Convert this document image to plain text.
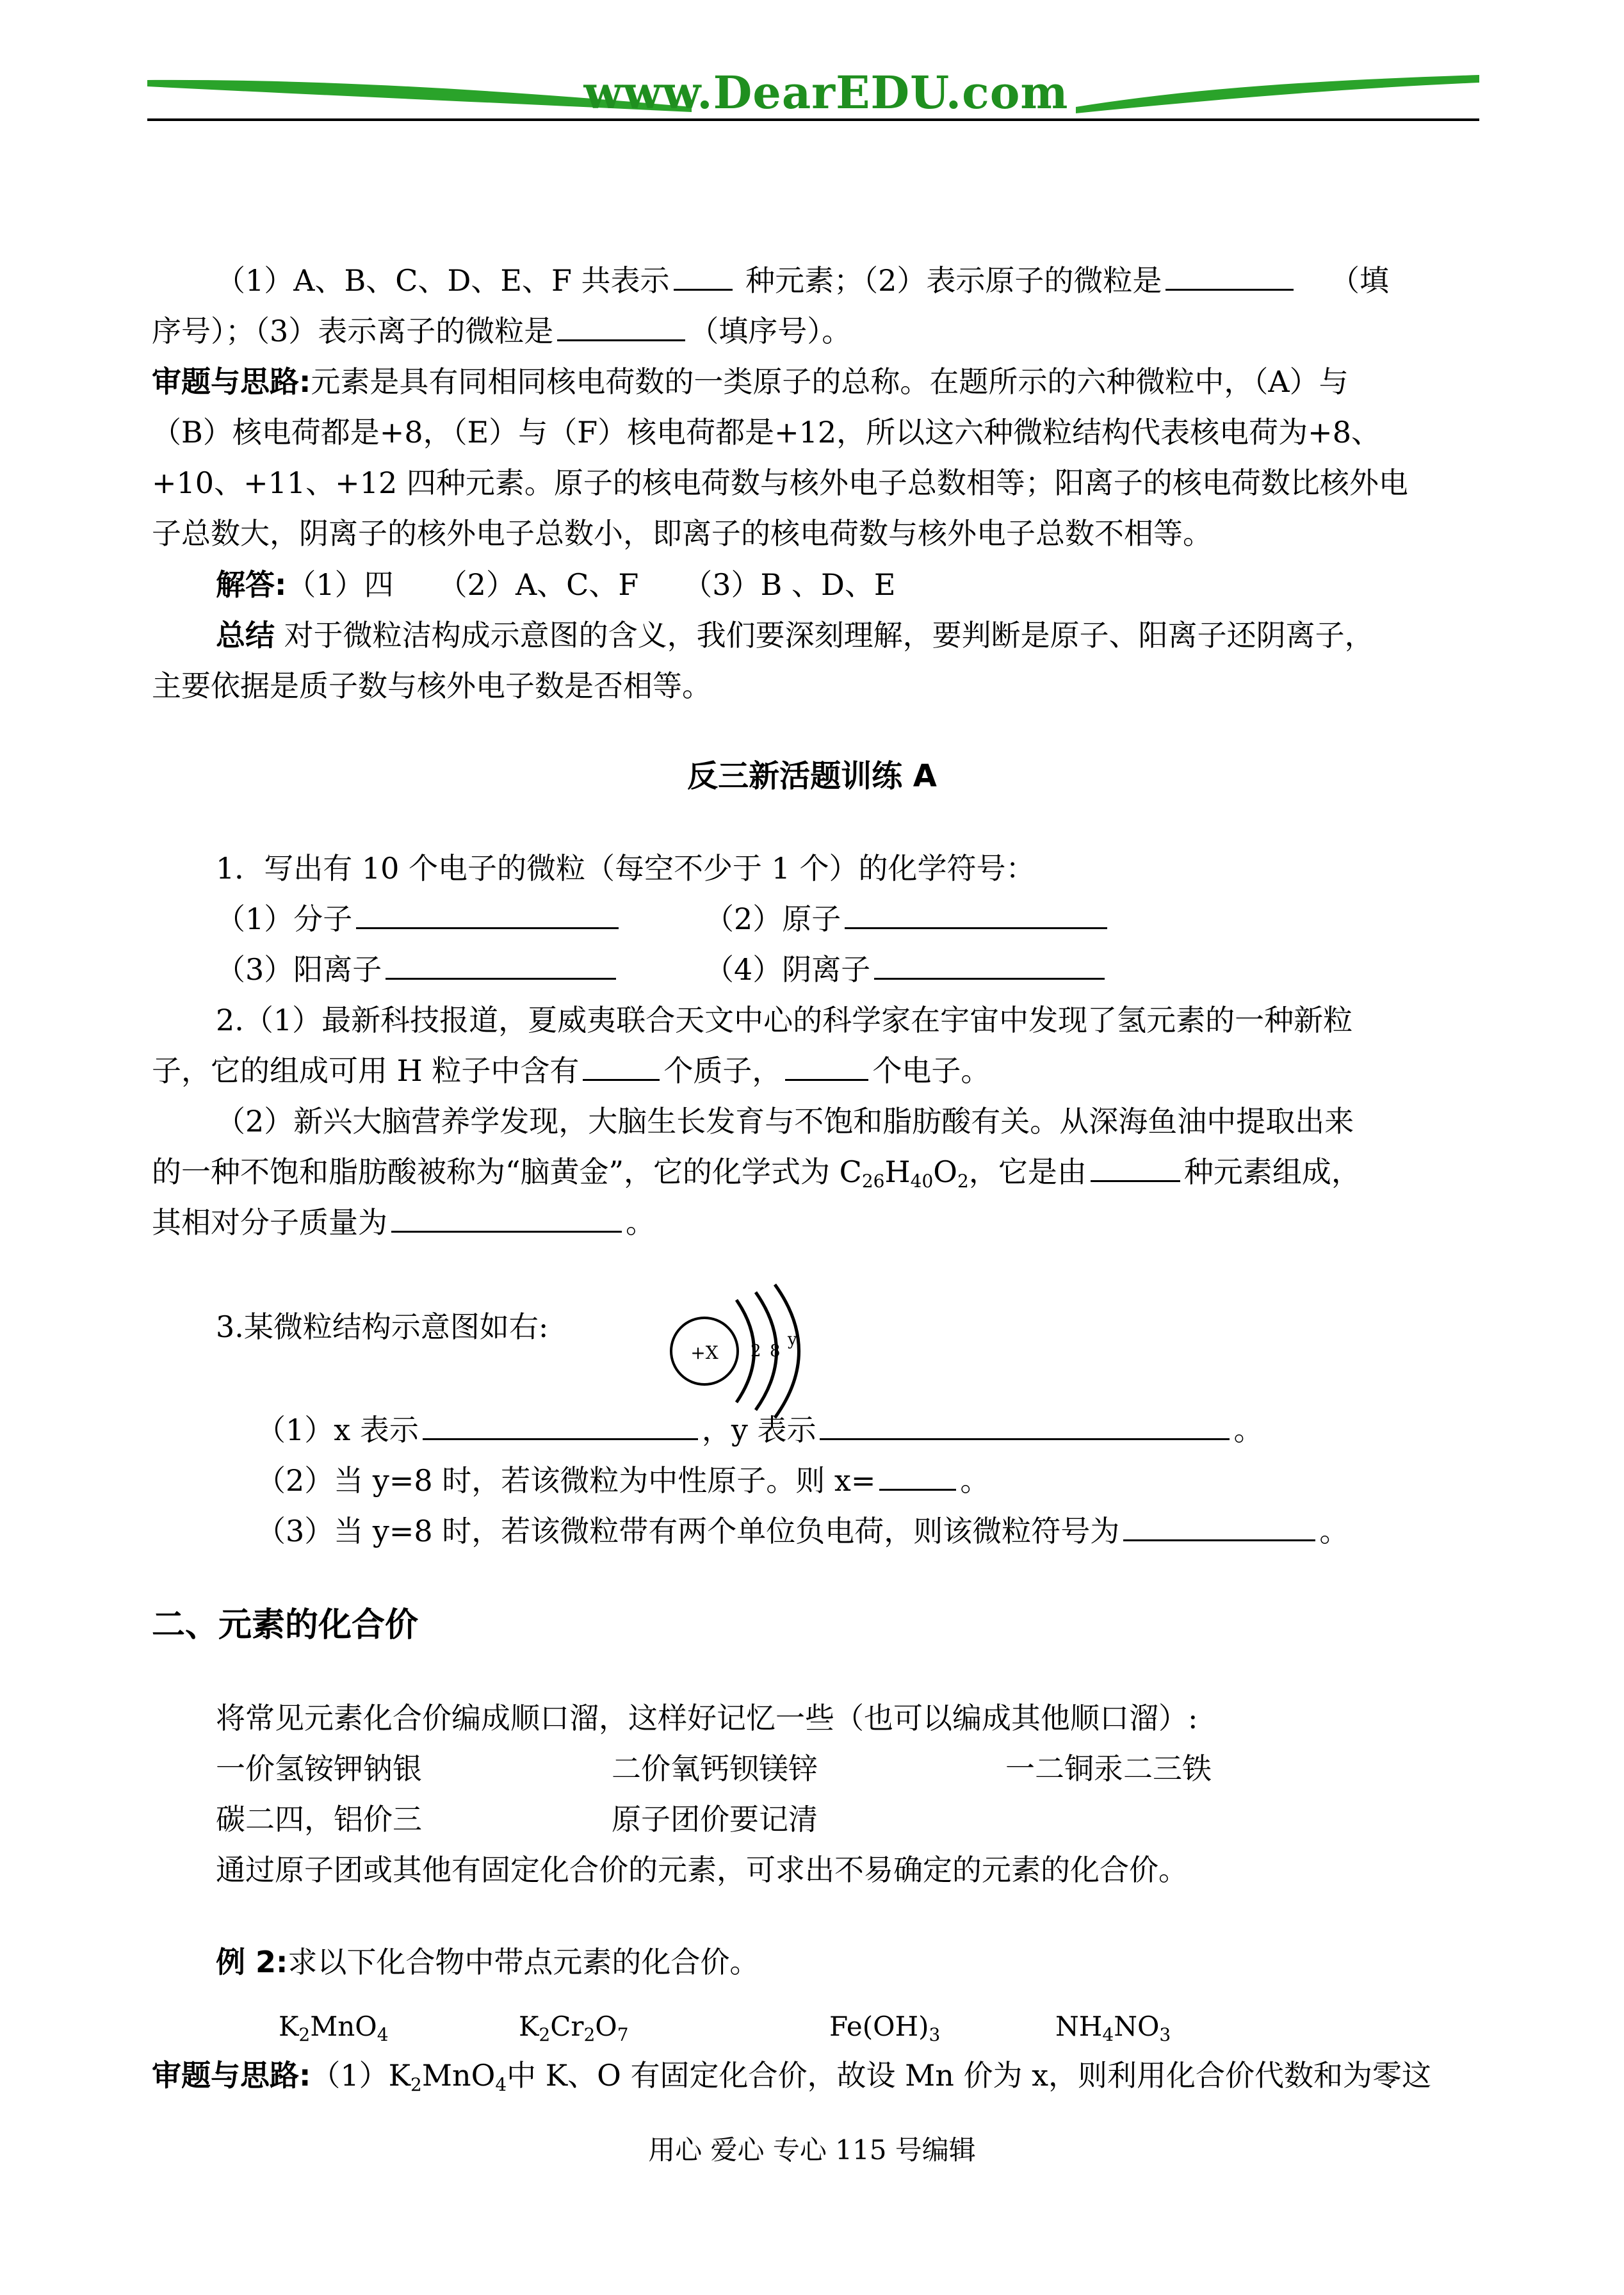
www.DearEDU.com
（1）A、B、C、D、E、F 共表示	种元素；（2）表示原子的微粒是	（填
序号）；（3）表示离子的微粒是	（填序号）。
审题与思路:元素是具有同相同核电荷数的一类原子的总称。在题所示的六种微粒中，（A）与
（B）核电荷都是+8，（E）与（F）核电荷都是+12，所以这六种微粒结构代表核电荷为+8、
+10、+11、+12 四种元素。原子的核电荷数与核外电子总数相等；阳离子的核电荷数比核外电
子总数大，阴离子的核外电子总数小，即离子的核电荷数与核外电子总数不相等。
解答:（1）四　　（2）A、C、F　　（3）B 、D、E
总结 对于微粒洁构成示意图的含义，我们要深刻理解，要判断是原子、阳离子还阴离子，
主要依据是质子数与核外电子数是否相等。
反三新活题训练 A
1．写出有 10 个电子的微粒（每空不少于 1 个）的化学符号：
（1）分子	（2）原子
（3）阳离子	（4）阴离子
2.（1）最新科技报道，夏威夷联合天文中心的科学家在宇宙中发现了氢元素的一种新粒
子，它的组成可用 H 粒子中含有	个质子，	个电子。
（2）新兴大脑营养学发现，大脑生长发育与不饱和脂肪酸有关。从深海鱼油中提取出来
的一种不饱和脂肪酸被称为“脑黄金”，它的化学式为 $C_{26}H_{40}O_2$，它是由	种元素组成，
其相对分子质量为	。
3.某微粒结构示意图如右:
+X 2 8
y
（1）x 表示	，y 表示	。
（2）当 y=8 时，若该微粒为中性原子。则 x=	。
（3）当 y=8 时，若该微粒带有两个单位负电荷，则该微粒符号为	。
二、元素的化合价
将常见元素化合价编成顺口溜，这样好记忆一些（也可以编成其他顺口溜）:
一价氢铵钾钠银	二价氧钙钡镁锌	一二铜汞二三铁
碳二四，铝价三	原子团价要记清
通过原子团或其他有固定化合价的元素，可求出不易确定的元素的化合价。
例 2:求以下化合物中带点元素的化合价。
$K_2MnO_4$	$K_2Cr_2O_7$	$Fe(OH)_3$	$NH_4NO_3$
审题与思路$:(1)K_2MnO_4$中 K、O 有固定化合价，故设 Mn 价为 x，则利用化合价代数和为零这
用心 爱心 专心 115 号编辑
